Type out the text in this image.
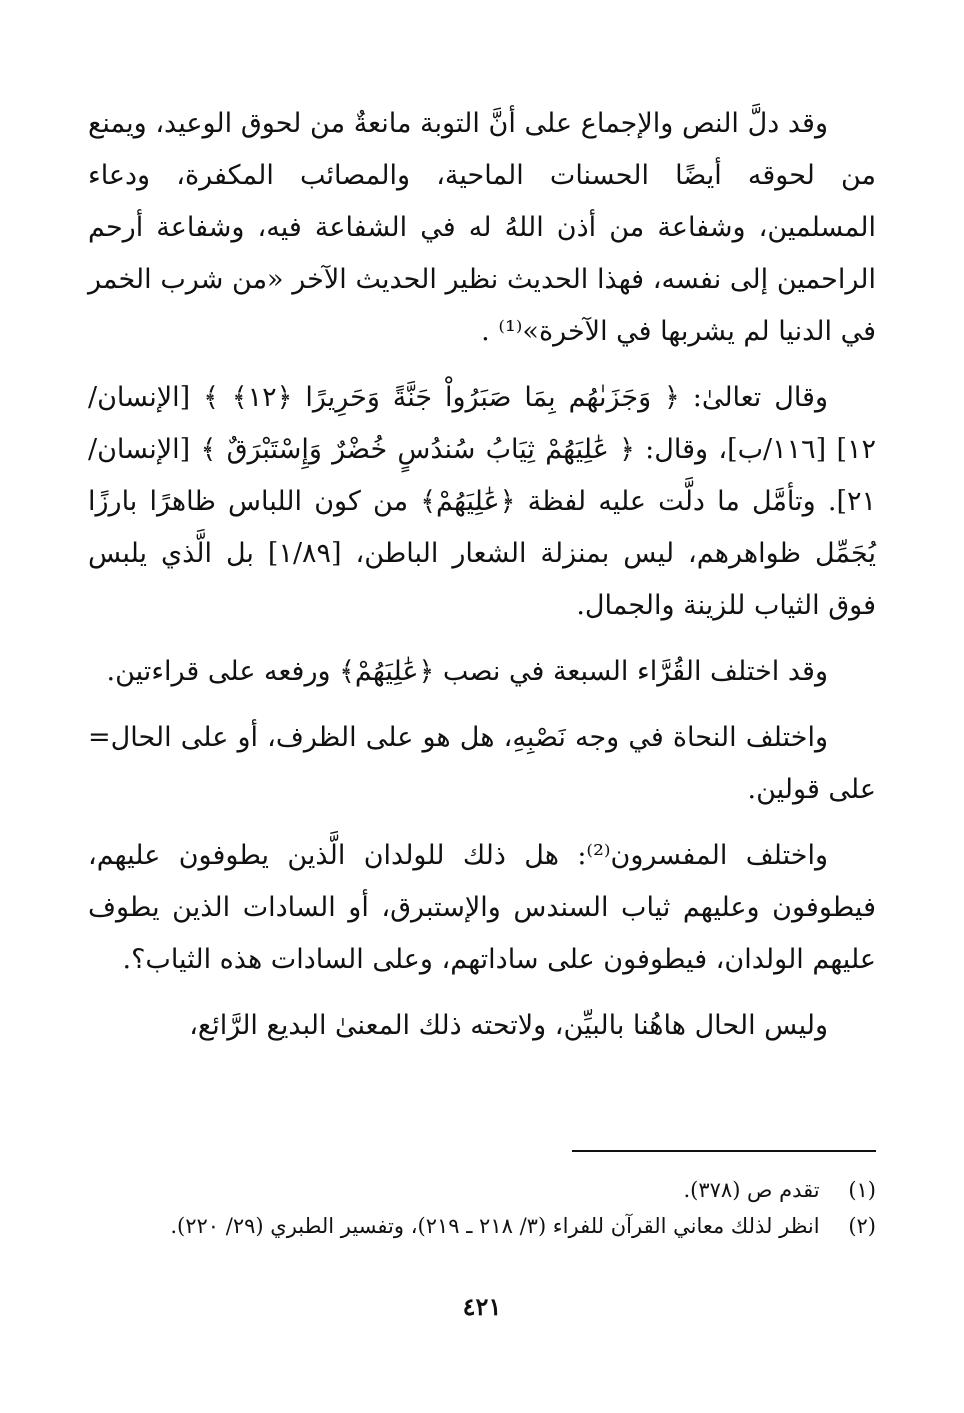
وقد دلَّ النص والإجماع على أنَّ التوبة مانعةٌ من لحوق الوعيد، ويمنع من لحوقه أيضًا الحسنات الماحية، والمصائب المكفرة، ودعاء المسلمين، وشفاعة من أذن اللهُ له في الشفاعة فيه، وشفاعة أرحم الراحمين إلى نفسه، فهذا الحديث نظير الحديث الآخر «من شرب الخمر في الدنيا لم يشربها في الآخرة»⁽¹⁾ .

وقال تعالىٰ: ﴿ وَجَزَىٰهُم بِمَا صَبَرُواْ جَنَّةً وَحَرِيرًا ﴿١٢﴾ ﴾ [الإنسان/ ١٢] [١١٦/ب]، وقال: ﴿ عَٰلِيَهُمْ ثِيَابُ سُندُسٍ خُضْرٌ وَإِسْتَبْرَقٌ ﴾ [الإنسان/ ٢١]. وتأمَّل ما دلَّت عليه لفظة ﴿عَٰلِيَهُمْ﴾ من كون اللباس ظاهرًا بارزًا يُجَمِّل ظواهرهم، ليس بمنزلة الشعار الباطن، [١/٨٩] بل الَّذي يلبس فوق الثياب للزينة والجمال.

وقد اختلف القُرَّاء السبعة في نصب ﴿عَٰلِيَهُمْ﴾ ورفعه على قراءتين.

واختلف النحاة في وجه نَصْبِهِ، هل هو على الظرف، أو على الحال= على قولين.

واختلف المفسرون⁽²⁾: هل ذلك للولدان الَّذين يطوفون عليهم، فيطوفون وعليهم ثياب السندس والإستبرق، أو السادات الذين يطوف عليهم الولدان، فيطوفون على ساداتهم، وعلى السادات هذه الثياب؟.

وليس الحال هاهُنا بالبيِّن، ولاتحته ذلك المعنىٰ البديع الرَّائع،

(١) تقدم ص (٣٧٨).

(٢) انظر لذلك معاني القرآن للفراء (٣/ ٢١٨ ـ ٢١٩)، وتفسير الطبري (٢٩/ ٢٢٠).

٤٢١
